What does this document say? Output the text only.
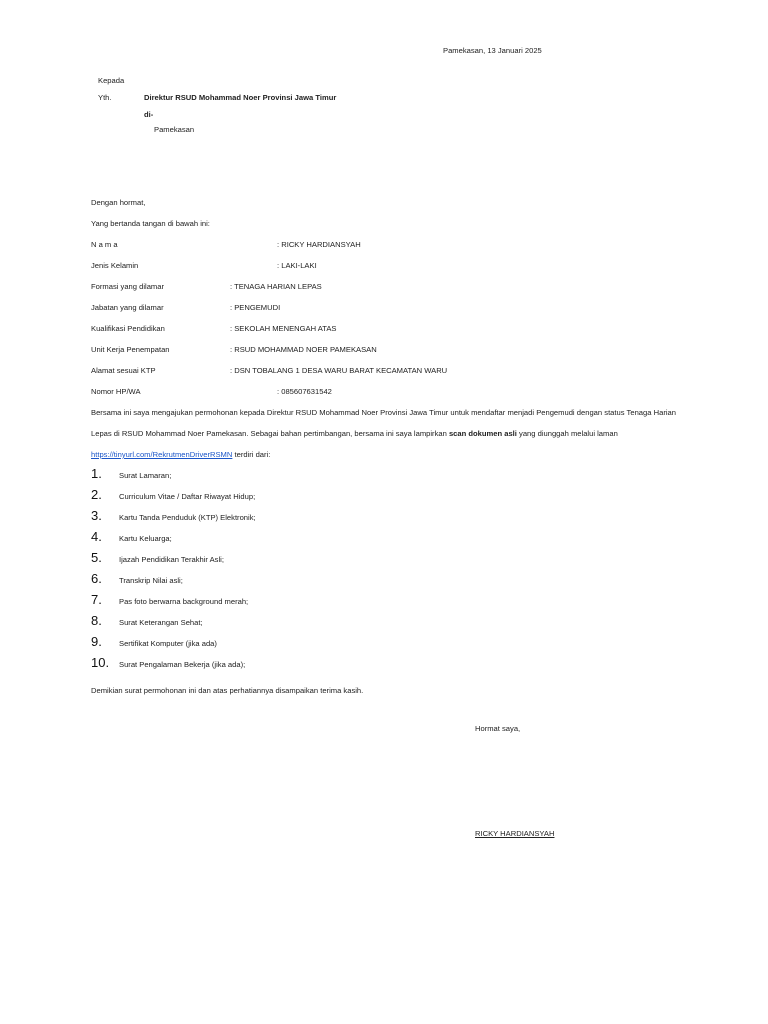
Pamekasan, 13 Januari 2025
Kepada
Yth.	Direktur RSUD Mohammad Noer Provinsi Jawa Timur
di-
Pamekasan
Dengan hormat,
Yang bertanda tangan di bawah ini:
N a m a	: RICKY HARDIANSYAH
Jenis Kelamin	: LAKI-LAKI
Formasi yang dilamar	: TENAGA HARIAN LEPAS
Jabatan yang dilamar	: PENGEMUDI
Kualifikasi Pendidikan	: SEKOLAH MENENGAH ATAS
Unit Kerja Penempatan	: RSUD MOHAMMAD NOER PAMEKASAN
Alamat sesuai KTP	: DSN TOBALANG 1 DESA WARU BARAT KECAMATAN WARU
Nomor HP/WA	: 085607631542
Bersama ini saya mengajukan permohonan kepada Direktur RSUD Mohammad Noer Provinsi Jawa Timur untuk mendaftar menjadi Pengemudi dengan status Tenaga Harian Lepas di RSUD Mohammad Noer Pamekasan. Sebagai bahan pertimbangan, bersama ini saya lampirkan scan dokumen asli yang diunggah melalui laman
https://tinyurl.com/RekrutmenDriverRSMN terdiri dari:
1. Surat Lamaran;
2. Curriculum Vitae / Daftar Riwayat Hidup;
3. Kartu Tanda Penduduk (KTP) Elektronik;
4. Kartu Keluarga;
5. Ijazah Pendidikan Terakhir Asli;
6. Transkrip Nilai asli;
7. Pas foto berwarna background merah;
8. Surat Keterangan Sehat;
9. Sertifikat Komputer (jika ada)
10. Surat Pengalaman Bekerja (jika ada);
Demikian surat permohonan ini dan atas perhatiannya disampaikan terima kasih.
Hormat saya,
RICKY HARDIANSYAH
